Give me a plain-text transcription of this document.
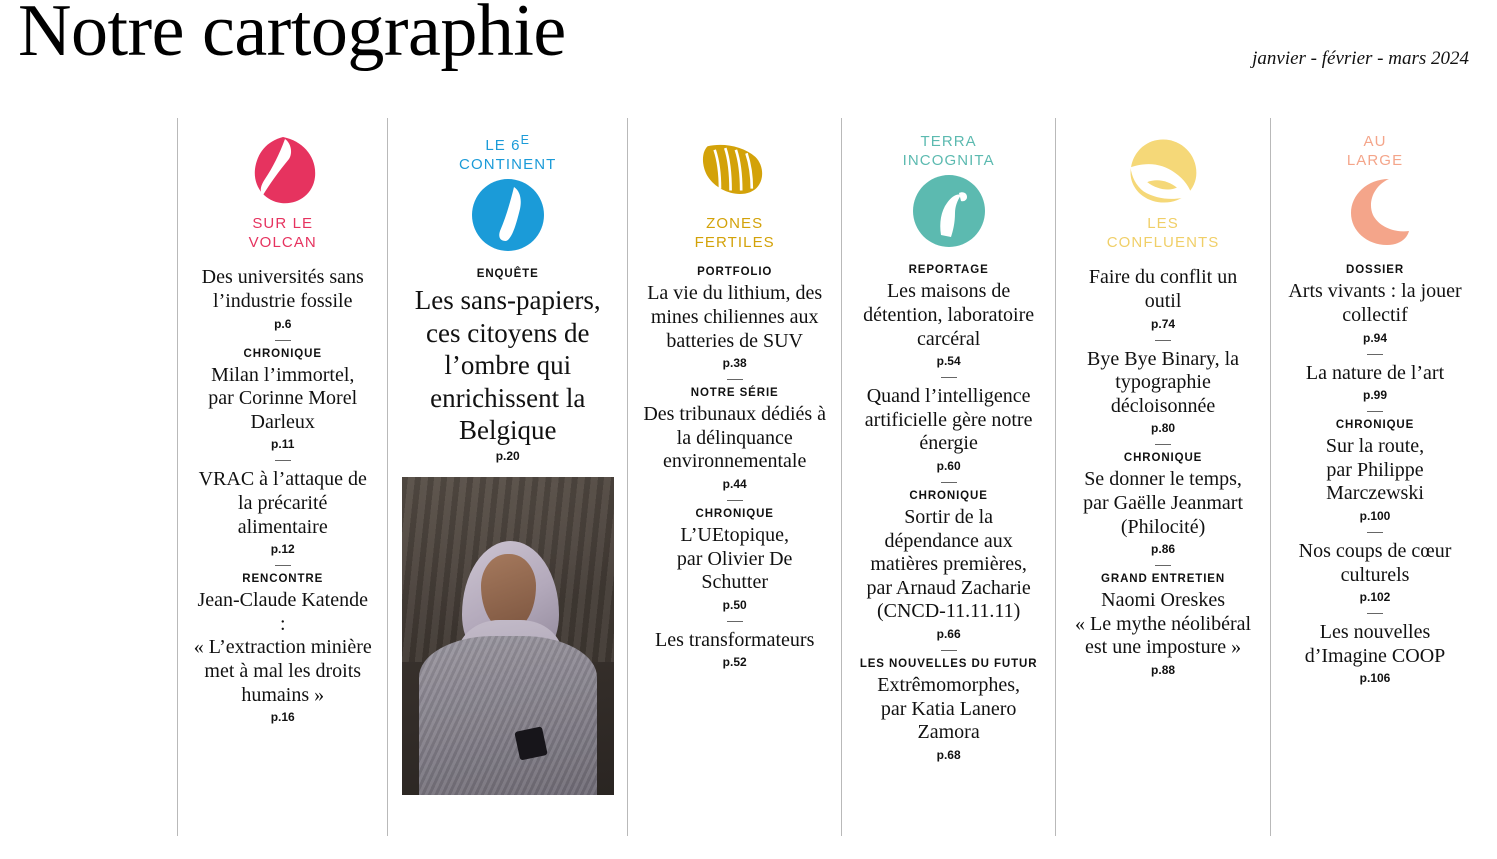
Notre cartographie	janvier - février - mars 2024
SUR LE
VOLCAN
Des universités sans l’industrie fossile
p.6
CHRONIQUE
Milan l’immortel,
par Corinne Morel Darleux
p.11
VRAC à l’attaque de la précarité alimentaire
p.12
RENCONTRE
Jean-Claude Katende :
« L’extraction minière met à mal les droits humains »
p.16
LE $6^E$
CONTINENT
ENQUÊTE
Les sans-papiers, ces citoyens de l’ombre qui enrichissent la Belgique
p.20
ZONES
FERTILES
PORTFOLIO
La vie du lithium, des mines chiliennes aux batteries de SUV
p.38
NOTRE SÉRIE
Des tribunaux dédiés à la délinquance environnementale
p.44
CHRONIQUE
L’UEtopique,
par Olivier De Schutter
p.50
Les transformateurs
p.52
TERRA
INCOGNITA
REPORTAGE
Les maisons de détention, laboratoire carcéral
p.54
Quand l’intelligence artificielle gère notre énergie
p.60
CHRONIQUE
Sortir de la dépendance aux matières premières,
par Arnaud Zacharie (CNCD-11.11.11)
p.66
LES NOUVELLES DU FUTUR
Extrêmomorphes,
par Katia Lanero Zamora
p.68
LES
CONFLUENTS
Faire du conflit un outil
p.74
Bye Bye Binary, la typographie décloisonnée
p.80
CHRONIQUE
Se donner le temps,
par Gaëlle Jeanmart (Philocité)
p.86
GRAND ENTRETIEN
Naomi Oreskes
« Le mythe néolibéral est une imposture »
p.88
AU
LARGE
DOSSIER
Arts vivants : la jouer collectif
p.94
La nature de l’art
p.99
CHRONIQUE
Sur la route,
par Philippe Marczewski
p.100
Nos coups de cœur culturels
p.102
Les nouvelles d’Imagine COOP
p.106
